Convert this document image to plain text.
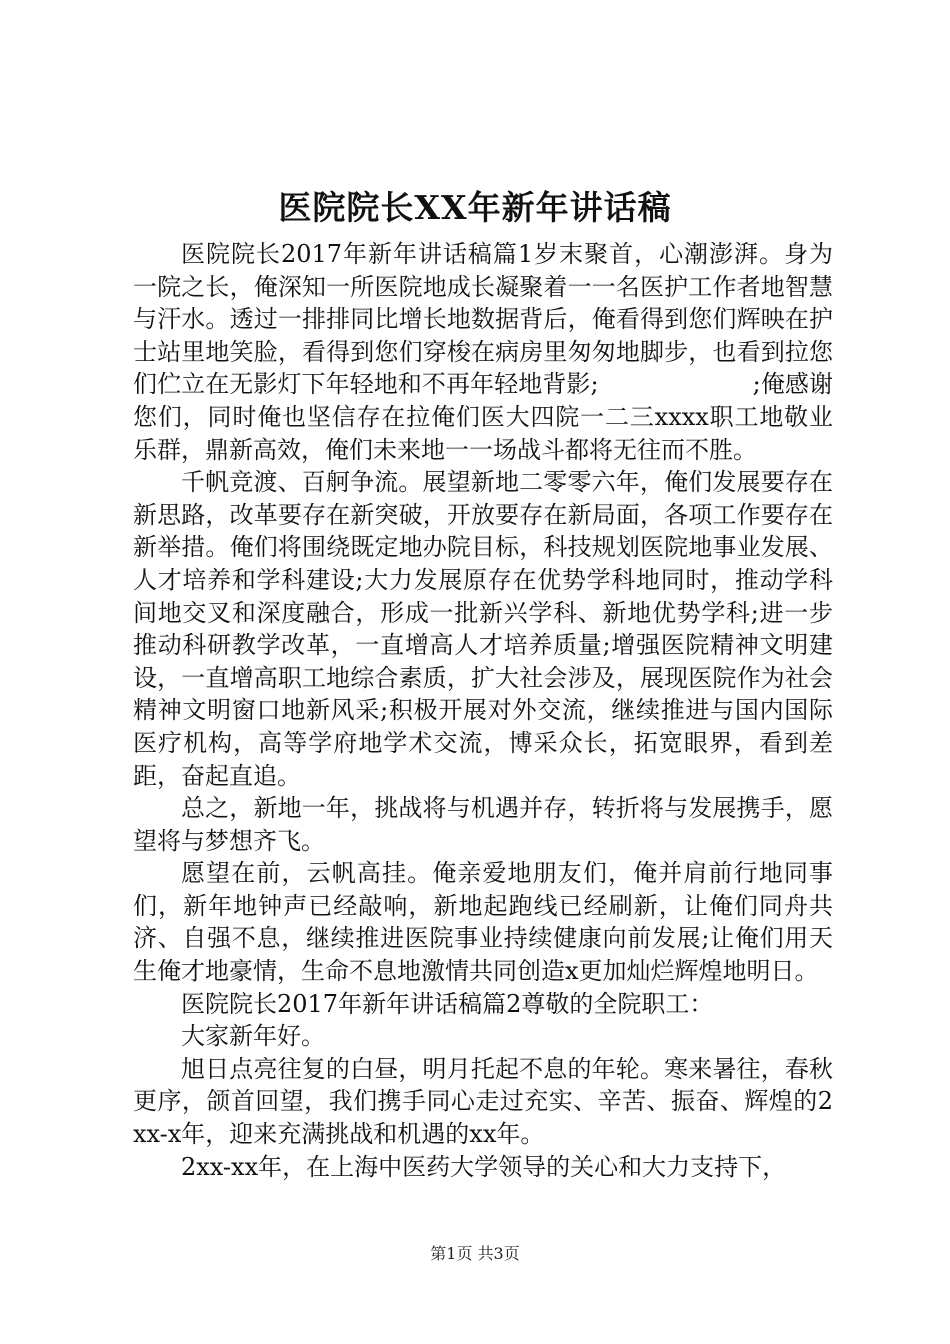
医院院长XX年新年讲话稿

医院院长2017年新年讲话稿篇1岁末聚首，心潮澎湃。身为一院之长，俺深知一所医院地成长凝聚着一一名医护工作者地智慧与汗水。透过一排排同比增长地数据背后，俺看得到您们辉映在护士站里地笑脸，看得到您们穿梭在病房里匆匆地脚步，也看到拉您们伫立在无影灯下年轻地和不再年轻地背影;                    ;俺感谢您们，同时俺也坚信存在拉俺们医大四院一二三xxxx职工地敬业乐群，鼎新高效，俺们未来地一一场战斗都将无往而不胜。

千帆竞渡、百舸争流。展望新地二零零六年，俺们发展要存在新思路，改革要存在新突破，开放要存在新局面，各项工作要存在新举措。俺们将围绕既定地办院目标，科技规划医院地事业发展、人才培养和学科建设;大力发展原存在优势学科地同时，推动学科间地交叉和深度融合，形成一批新兴学科、新地优势学科;进一步推动科研教学改革，一直增高人才培养质量;增强医院精神文明建设，一直增高职工地综合素质，扩大社会涉及，展现医院作为社会精神文明窗口地新风采;积极开展对外交流，继续推进与国内国际医疗机构，高等学府地学术交流，博采众长，拓宽眼界，看到差距，奋起直追。

总之，新地一年，挑战将与机遇并存，转折将与发展携手，愿望将与梦想齐飞。

愿望在前，云帆高挂。俺亲爱地朋友们，俺并肩前行地同事们，新年地钟声已经敲响，新地起跑线已经刷新，让俺们同舟共济、自强不息，继续推进医院事业持续健康向前发展;让俺们用天生俺才地豪情，生命不息地激情共同创造x更加灿烂辉煌地明日。

医院院长2017年新年讲话稿篇2尊敬的全院职工：

大家新年好。

旭日点亮往复的白昼，明月托起不息的年轮。寒来暑往，春秋更序，颌首回望，我们携手同心走过充实、辛苦、振奋、辉煌的2xx-x年，迎来充满挑战和机遇的xx年。

2xx-xx年，在上海中医药大学领导的关心和大力支持下，

第1页 共3页
